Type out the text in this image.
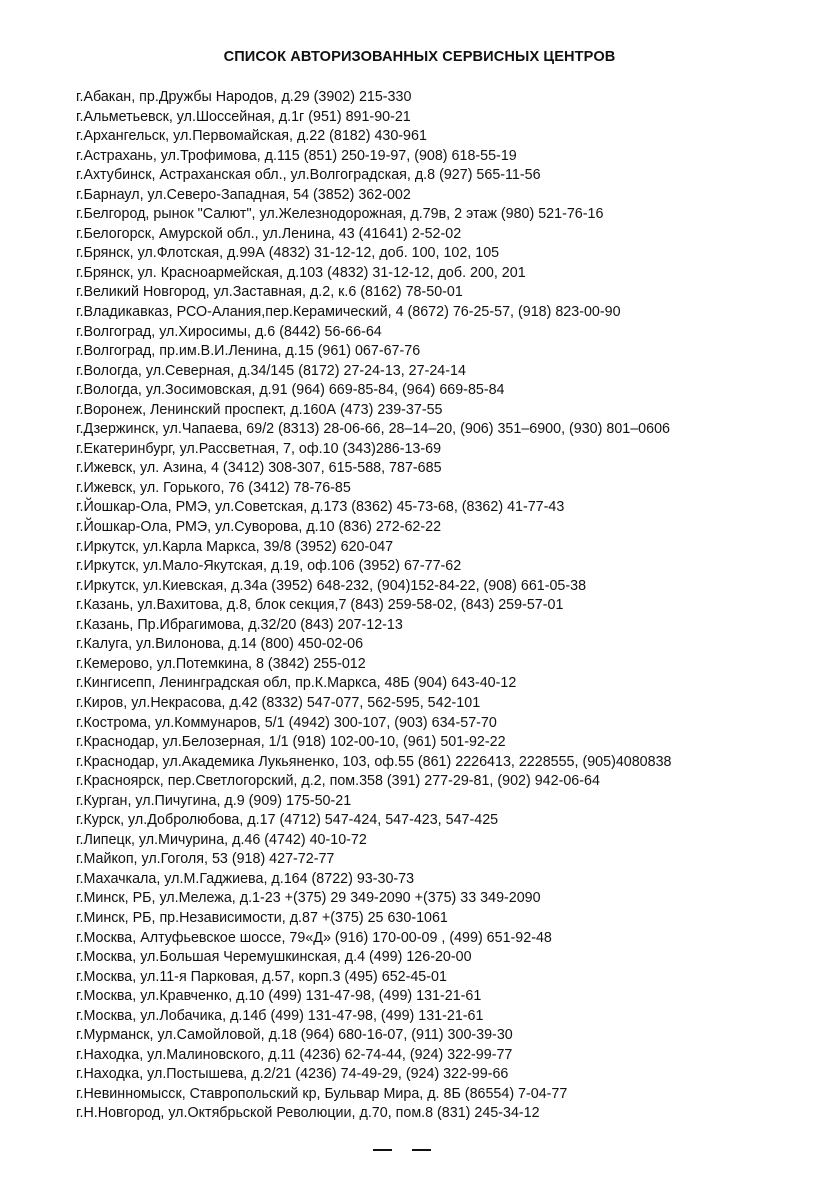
СПИСОК АВТОРИЗОВАННЫХ СЕРВИСНЫХ ЦЕНТРОВ
г.Абакан, пр.Дружбы Народов, д.29 (3902) 215-330
г.Альметьевск, ул.Шоссейная, д.1г (951) 891-90-21
г.Архангельск, ул.Первомайская, д.22 (8182) 430-961
г.Астрахань, ул.Трофимова, д.115 (851) 250-19-97, (908) 618-55-19
г.Ахтубинск, Астраханская обл., ул.Волгоградская, д.8 (927) 565-11-56
г.Барнаул, ул.Северо-Западная, 54 (3852) 362-002
г.Белгород, рынок "Салют", ул.Железнодорожная, д.79в, 2 этаж (980) 521-76-16
г.Белогорск, Амурской обл., ул.Ленина, 43 (41641) 2-52-02
г.Брянск, ул.Флотская, д.99А (4832) 31-12-12, доб. 100, 102, 105
г.Брянск, ул. Красноармейская, д.103 (4832) 31-12-12, доб. 200, 201
г.Великий Новгород, ул.Заставная, д.2, к.6 (8162) 78-50-01
г.Владикавказ, РСО-Алания,пер.Керамический, 4 (8672) 76-25-57, (918) 823-00-90
г.Волгоград, ул.Хиросимы, д.6 (8442) 56-66-64
г.Волгоград, пр.им.В.И.Ленина, д.15 (961) 067-67-76
г.Вологда, ул.Северная, д.34/145 (8172) 27-24-13, 27-24-14
г.Вологда, ул.Зосимовская, д.91 (964) 669-85-84, (964) 669-85-84
г.Воронеж, Ленинский проспект, д.160А (473) 239-37-55
г.Дзержинск, ул.Чапаева, 69/2 (8313) 28-06-66, 28–14–20, (906) 351–6900, (930) 801–0606
г.Екатеринбург, ул.Рассветная, 7, оф.10 (343)286-13-69
г.Ижевск, ул. Азина, 4 (3412) 308-307, 615-588, 787-685
г.Ижевск, ул. Горького, 76 (3412) 78-76-85
г.Йошкар-Ола, РМЭ, ул.Советская, д.173 (8362) 45-73-68, (8362) 41-77-43
г.Йошкар-Ола, РМЭ, ул.Суворова, д.10 (836) 272-62-22
г.Иркутск, ул.Карла Маркса, 39/8 (3952) 620-047
г.Иркутск, ул.Мало-Якутская, д.19, оф.106 (3952) 67-77-62
г.Иркутск, ул.Киевская, д.34а (3952) 648-232, (904)152-84-22, (908) 661-05-38
г.Казань, ул.Вахитова, д.8, блок секция,7 (843) 259-58-02, (843) 259-57-01
г.Казань, Пр.Ибрагимова, д.32/20 (843) 207-12-13
г.Калуга, ул.Вилонова, д.14 (800) 450-02-06
г.Кемерово, ул.Потемкина, 8 (3842) 255-012
г.Кингисепп, Ленинградская обл, пр.К.Маркса, 48Б (904) 643-40-12
г.Киров, ул.Некрасова, д.42 (8332) 547-077, 562-595, 542-101
г.Кострома, ул.Коммунаров, 5/1 (4942) 300-107, (903) 634-57-70
г.Краснодар, ул.Белозерная, 1/1 (918) 102-00-10, (961) 501-92-22
г.Краснодар, ул.Академика Лукьяненко, 103, оф.55 (861) 2226413, 2228555, (905)4080838
г.Красноярск, пер.Светлогорский, д.2, пом.358 (391) 277-29-81, (902) 942-06-64
г.Курган, ул.Пичугина, д.9 (909) 175-50-21
г.Курск, ул.Добролюбова, д.17 (4712) 547-424, 547-423, 547-425
г.Липецк, ул.Мичурина, д.46 (4742) 40-10-72
г.Майкоп, ул.Гоголя, 53 (918) 427-72-77
г.Махачкала, ул.М.Гаджиева, д.164 (8722) 93-30-73
г.Минск, РБ, ул.Мележа, д.1-23 +(375) 29 349-2090 +(375) 33 349-2090
г.Минск, РБ, пр.Независимости, д.87 +(375) 25 630-1061
г.Москва, Алтуфьевское шоссе, 79«Д» (916) 170-00-09 , (499) 651-92-48
г.Москва, ул.Большая Черемушкинская, д.4 (499) 126-20-00
г.Москва, ул.11-я Парковая, д.57, корп.3 (495) 652-45-01
г.Москва, ул.Кравченко, д.10 (499) 131-47-98, (499) 131-21-61
г.Москва, ул.Лобачика, д.14б (499) 131-47-98, (499) 131-21-61
г.Мурманск, ул.Самойловой, д.18 (964) 680-16-07, (911) 300-39-30
г.Находка, ул.Малиновского, д.11 (4236) 62-74-44, (924) 322-99-77
г.Находка, ул.Постышева, д.2/21 (4236) 74-49-29, (924) 322-99-66
г.Невинномысск, Ставропольский кр, Бульвар Мира, д. 8Б (86554) 7-04-77
г.Н.Новгород, ул.Октябрьской Революции, д.70, пом.8 (831) 245-34-12
